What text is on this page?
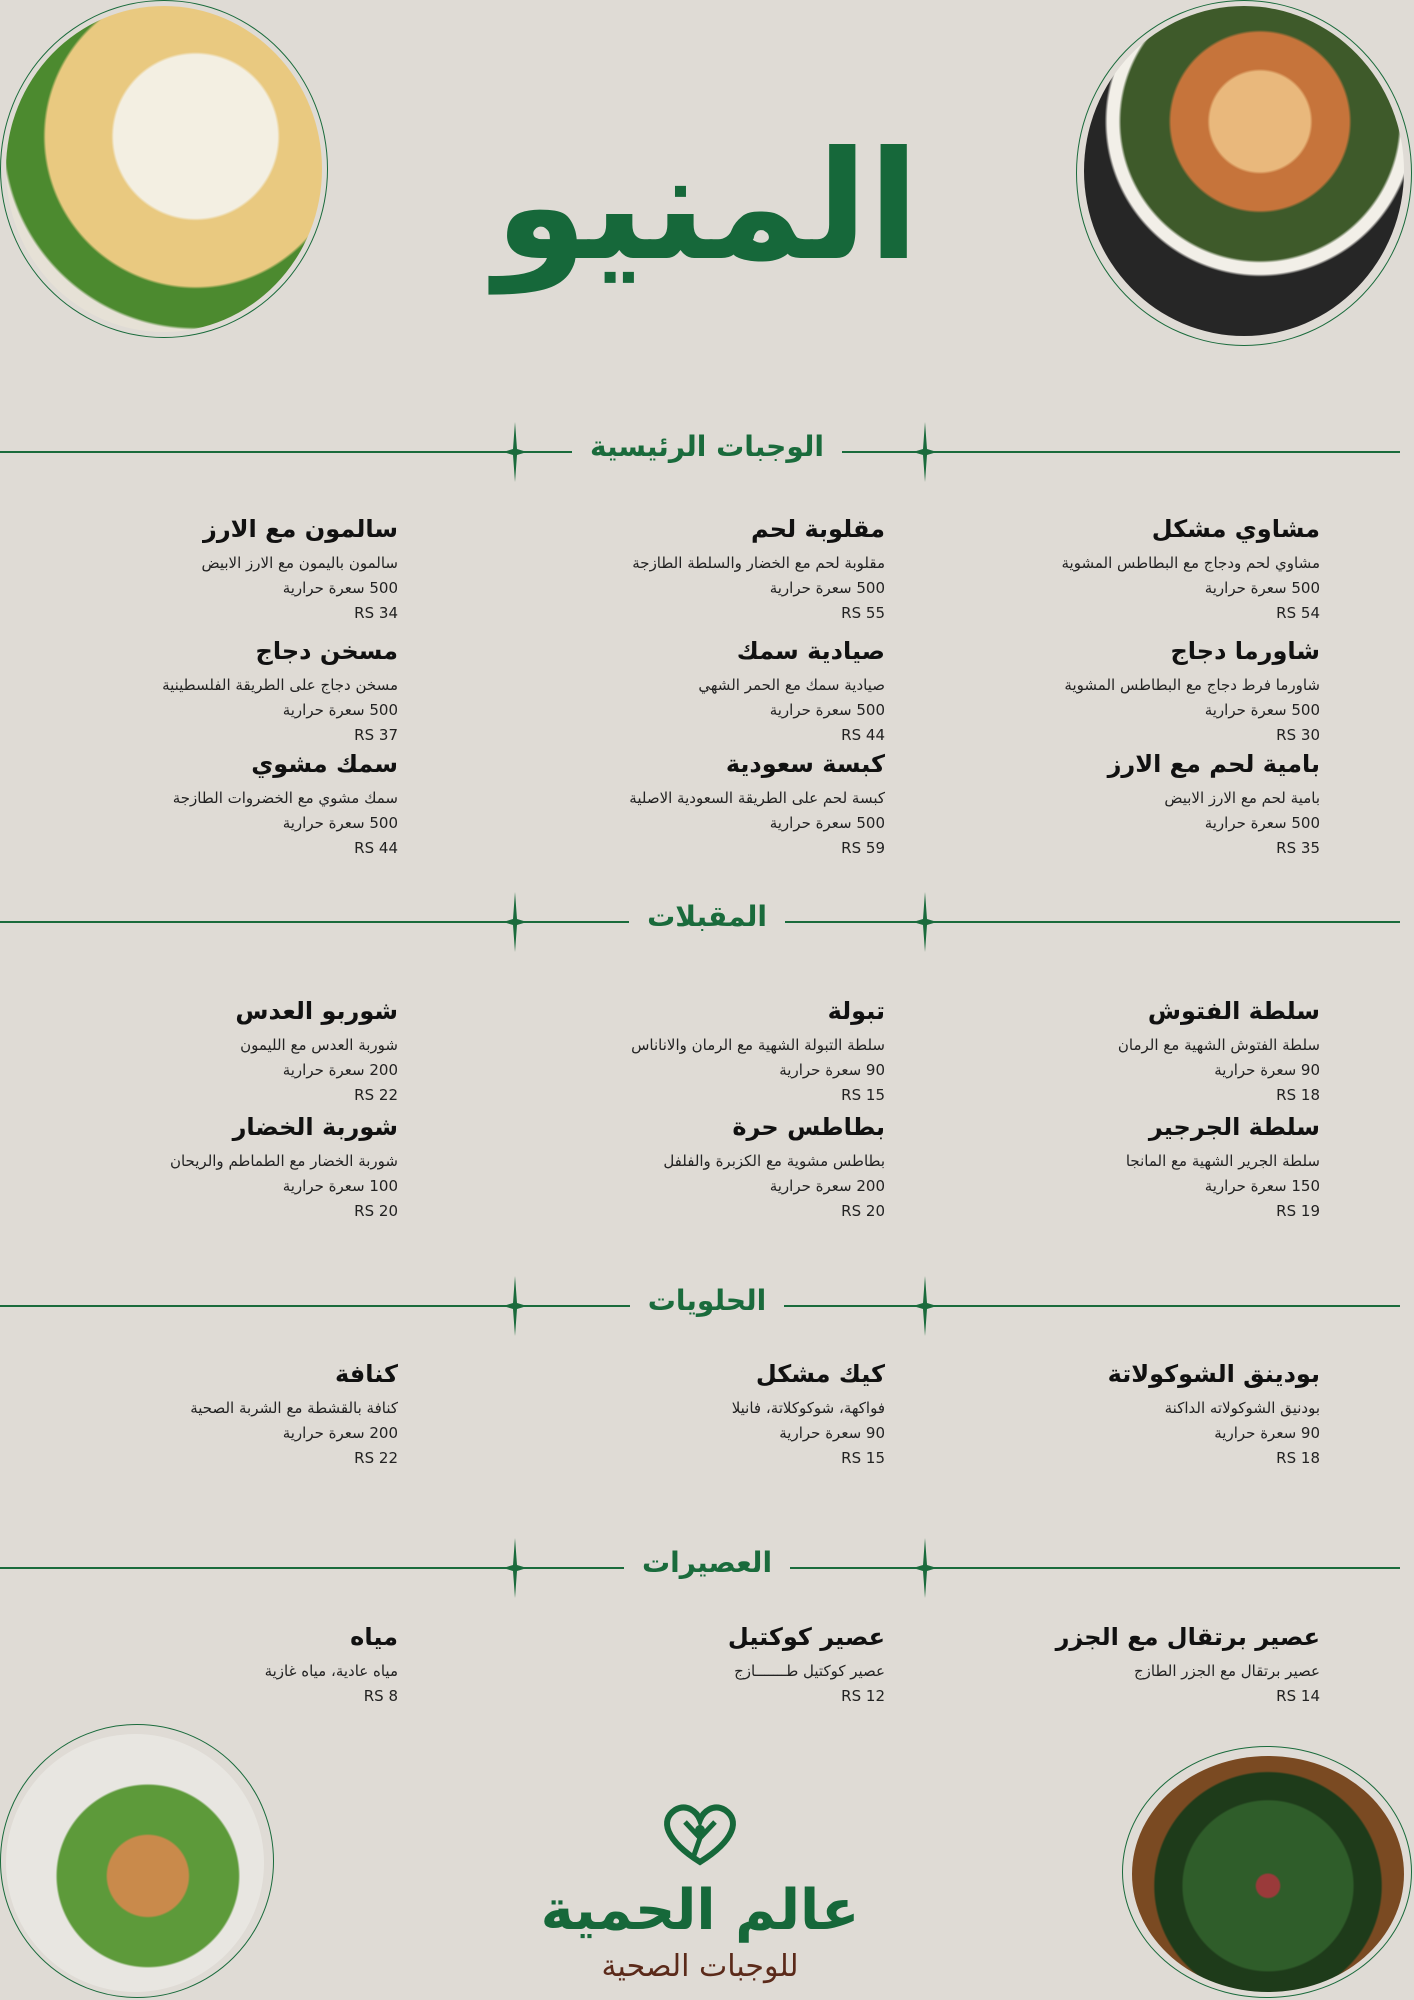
المنيو
الوجبات الرئيسية
مشاوي مشكل
مشاوي لحم ودجاج مع البطاطس المشوية
500 سعرة حرارية
54 RS
شاورما دجاج
شاورما فرط دجاج مع البطاطس المشوية
500 سعرة حرارية
30 RS
بامية لحم مع الارز
بامية لحم مع الارز الابيض
500 سعرة حرارية
35 RS
مقلوبة لحم
مقلوبة لحم مع الخضار والسلطة الطازجة
500 سعرة حرارية
55 RS
صيادية سمك
صيادية سمك مع الحمر الشهي
500 سعرة حرارية
44 RS
كبسة سعودية
كبسة لحم على الطريقة السعودية الاصلية
500 سعرة حرارية
59 RS
سالمون مع الارز
سالمون باليمون مع الارز الابيض
500 سعرة حرارية
34 RS
مسخن دجاج
مسخن دجاج على الطريقة الفلسطينية
500 سعرة حرارية
37 RS
سمك مشوي
سمك مشوي مع الخضروات الطازجة
500 سعرة حرارية
44 RS
المقبلات
سلطة الفتوش
سلطة الفتوش الشهية مع الرمان
90 سعرة حرارية
18 RS
سلطة الجرجير
سلطة الجرير الشهية مع المانجا
150 سعرة حرارية
19 RS
تبولة
سلطة التبولة الشهية مع الرمان والاناناس
90 سعرة حرارية
15 RS
بطاطس حرة
بطاطس مشوية مع الكزبرة والفلفل
200 سعرة حرارية
20 RS
شوربو العدس
شوربة العدس مع الليمون
200 سعرة حرارية
22 RS
شوربة الخضار
شوربة الخضار مع الطماطم والريحان
100 سعرة حرارية
20 RS
الحلويات
بودينق الشوكولاتة
بودنيق الشوكولاته الداكنة
90 سعرة حرارية
18 RS
كيك مشكل
فواكهة، شوكوكلاتة، فانيلا
90 سعرة حرارية
15 RS
كنافة
كنافة بالقشطة مع الشربة الصحية
200 سعرة حرارية
22 RS
العصيرات
عصير برتقال مع الجزر
عصير برتقال مع الجزر الطازج
14 RS
عصير كوكتيل
عصير كوكتيل طـــــــازج
12 RS
مياه
مياه عادية، مياه غازية
8 RS
عالم الحمية
للوجبات الصحية
